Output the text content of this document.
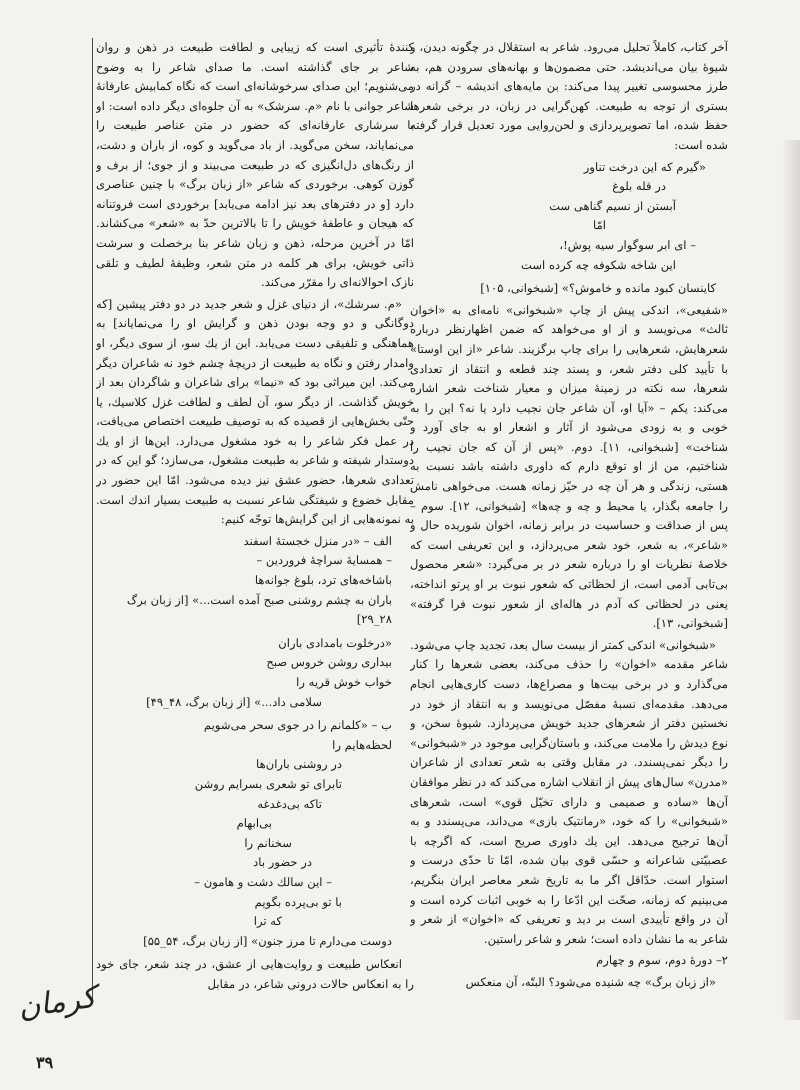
آخر کتاب، کاملاً تحلیل می‌رود. شاعر به استقلال در چگونه دیدن، و شیوهٔ بیان می‌اندیشد. حتی مضمون‌ها و بهانه‌های سرودن هم، به طرز محسوسی تغییر پیدا می‌کند: بن مایه‌های اندیشه – گرانه در بستری از توجه به طبیعت. کهن‌گرایی در زبان، در برخی شعرها حفظ شده، اما تصویرپردازی و لحن‌روایی مورد تعدیل قرار گرفته شده است:

«گیرم که این درخت تناور
در قله بلوغ
آبستن از نسیم گناهی ست
امّا
– ای ابر سوگوار سیه پوش!،
این شاخه شکوفه چه کرده است

کاینسان کبود مانده و خاموش؟» [شبخوانی، ۱۰۵]

«شفیعی»، اندکی پیش از چاپ «شبخوانی» نامه‌ای به «اخوان ثالث» می‌نویسد و از او می‌خواهد که ضمن اظهارنظر درباره شعرهایش، شعرهایی را برای چاپ برگزیند. شاعر «از این اوستا» با تأیید کلی دفتر شعر، و پسند چند قطعه و انتقاد از تعدادی شعرها، سه نکته در زمینهٔ میزان و معیار شناخت شعر اشاره می‌کند: یکم – «آیا او، آن شاعر جان نجیب دارد یا نه؟ این را به خوبی و به زودی می‌شود از آثار و اشعار او به جای آورد و شناخت» [شبخوانی، ۱۱]. دوم. «پس از آن که جان نجیب را شناختیم، من از او توقع دارم که داوری داشته باشد نسبت به هستی، زندگی و هر آن چه در حیّز زمانه هست. می‌خواهی نامش را جامعه بگذار، یا محیط و چه و چه‌ها» [شبخوانی، ۱۲]. سوم – پس از صداقت و حساسیت در برابر زمانه، اخوان شوریده حال و «شاعر»، به شعر، خود شعر می‌پردازد، و این تعریفی است که خلاصهٔ نظریات او را درباره شعر در بر می‌گیرد: «شعر محصول بی‌تابی آدمی است، از لحظاتی که شعور نبوت بر او پرتو انداخته، یعنی در لحظاتی که آدم در هاله‌ای از شعور نبوت فرا گرفته» [شبخوانی، ۱۳].

«شبخوانی» اندکی کمتر از بیست سال بعد، تجدید چاپ می‌شود. شاعر مقدمه «اخوان» را حذف می‌کند، بعضی شعرها را کنار می‌گذارد و در برخی بیت‌ها و مصراع‌ها، دست کاری‌هایی انجام می‌دهد. مقدمه‌ای نسبهٔ مفصّل می‌نویسد و به انتقاد از خود در نخستین دفتر از شعرهای جدید خویش می‌پردازد. شیوهٔ سخن، و نوع دیدش را ملامت می‌کند، و باستان‌گرایی موجود در «شبخوانی» را دیگر نمی‌پسندد. در مقابل وقتی به شعر تعدادی از شاعران «مدرن» سال‌های پیش از انقلاب اشاره می‌کند که در نظر موافقان آن‌ها «ساده و صمیمی و دارای تخیّل قوی» است، شعرهای «شبخوانی» را که خود، «رمانتیک بازی» می‌داند، می‌پسندد و به آن‌ها ترجیح می‌دهد. این یك داوری صریح است، که اگرچه با عصبیّتی شاعرانه و حسّی قوی بیان شده، امّا تا حدّی درست و استوار است. حدّاقل اگر ما به تاریخ شعر معاصر ایران بنگریم، می‌بینیم که زمانه، صحّت این ادّعا را به خوبی اثبات کرده است و آن در واقع تأییدی است بر دید و تعریفی که «اخوان» از شعر و شاعر به ما نشان داده است؛ شعر و شاعر راستین.

۲– دورهٔ دوم، سوم و چهارم

«از زبان برگ» چه شنیده می‌شود؟ البتّه، آن منعکس

کنندهٔ تأثیری است که زیبایی و لطافت طبیعت در ذهن و روان شاعر بر جای گذاشته است. ما صدای شاعر را به وضوح می‌شنویم؛ این صدای سرخوشانه‌ای است که نگاه کمابیش عارفانهٔ شاعر جوانی با نام «م. سرشک» به آن جلوه‌ای دیگر داده است: او با سرشاری عارفانه‌ای که حضور در متن عناصر طبیعت را می‌نمایاند، سخن می‌گوید. از باد می‌گوید و کوه، از باران و دشت، از رنگ‌های دل‌انگیزی که در طبیعت می‌بیند و از جوی؛ از برف و گوزن کوهی. برخوردی که شاعر «از زبان برگ» با چنین عناصری دارد [و در دفترهای بعد نیز ادامه می‌یابد] برخوردی است فروتنانه که هیجان و عاطفهٔ خویش را تا بالاترین حدّ به «شعر» می‌کشاند. امّا در آخرین مرحله، ذهن و زبان شاعر بنا برخصلت و سرشت ذاتی خویش، برای هر کلمه در متن شعر، وظیفهٔ لطیف و تلقی نازک احوالانه‌ای را مقرّر می‌کند.

«م. سرشك»، از دنیای غزل و شعر جدید در دو دفتر پیشین [که دوگانگی و دو وجه بودن ذهن و گرایش او را می‌نمایاند] به هماهنگی و تلفیقی دست می‌یابد. این از یك سو، از سوی دیگر، او وامدار رفتن و نگاه به طبیعت از دریچهٔ چشم خود نه شاعران دیگر می‌کند. این میراثی بود که «نیما» برای شاعران و شاگردان بعد از خویش گذاشت. از دیگر سو، آن لطف و لطافت غزل کلاسیك، یا حتّی بخش‌هایی از قصیده که به توصیف طبیعت اختصاص می‌یافت، در عمل فکر شاعر را به خود مشغول می‌دارد. این‌ها از او یك دوستدار شیفته و شاعر به طبیعت مشغول، می‌سازد؛ گو این که در تعدادی شعرها، حضور عشق نیز دیده می‌شود. امّا این حضور در مقابل خضوع و شیفتگی شاعر نسبت به طبیعت بسیار اندك است. به نمونه‌هایی از این گرایش‌ها توجّه کنیم:

الف – «در منزل خجستهٔ اسفند
– همسایهٔ سراچهٔ فروردین –
باشاخه‌های ترد، بلوغ جوانه‌ها
باران به چشم روشنی صبح آمده است...» [از زبان برگ ۲۸_۲۹]
«درخلوت بامدادی باران
بیداری روشن خروس صبح
خواب خوش قریه را
سلامی داد...» [از زبان برگ، ۴۸_۴۹]
ب – «کلمانم را در جوی سحر می‌شویم
لحظه‌هایم را
در روشنی باران‌ها
تابرای تو شعری بسرایم روشن
تاکه بی‌دغدغه
بی‌ابهام
سخنانم را
در حضور باد
– این سالك دشت و هامون –
با تو بی‌پرده بگویم
که ترا
دوست می‌دارم تا مرز جنون» [از زبان برگ، ۵۴_۵۵]

انعکاس طبیعت و روایت‌هایی از عشق، در چند شعر، جای خود را به انعکاس حالات درونی شاعر، در مقابل

کرمان
۳۹
